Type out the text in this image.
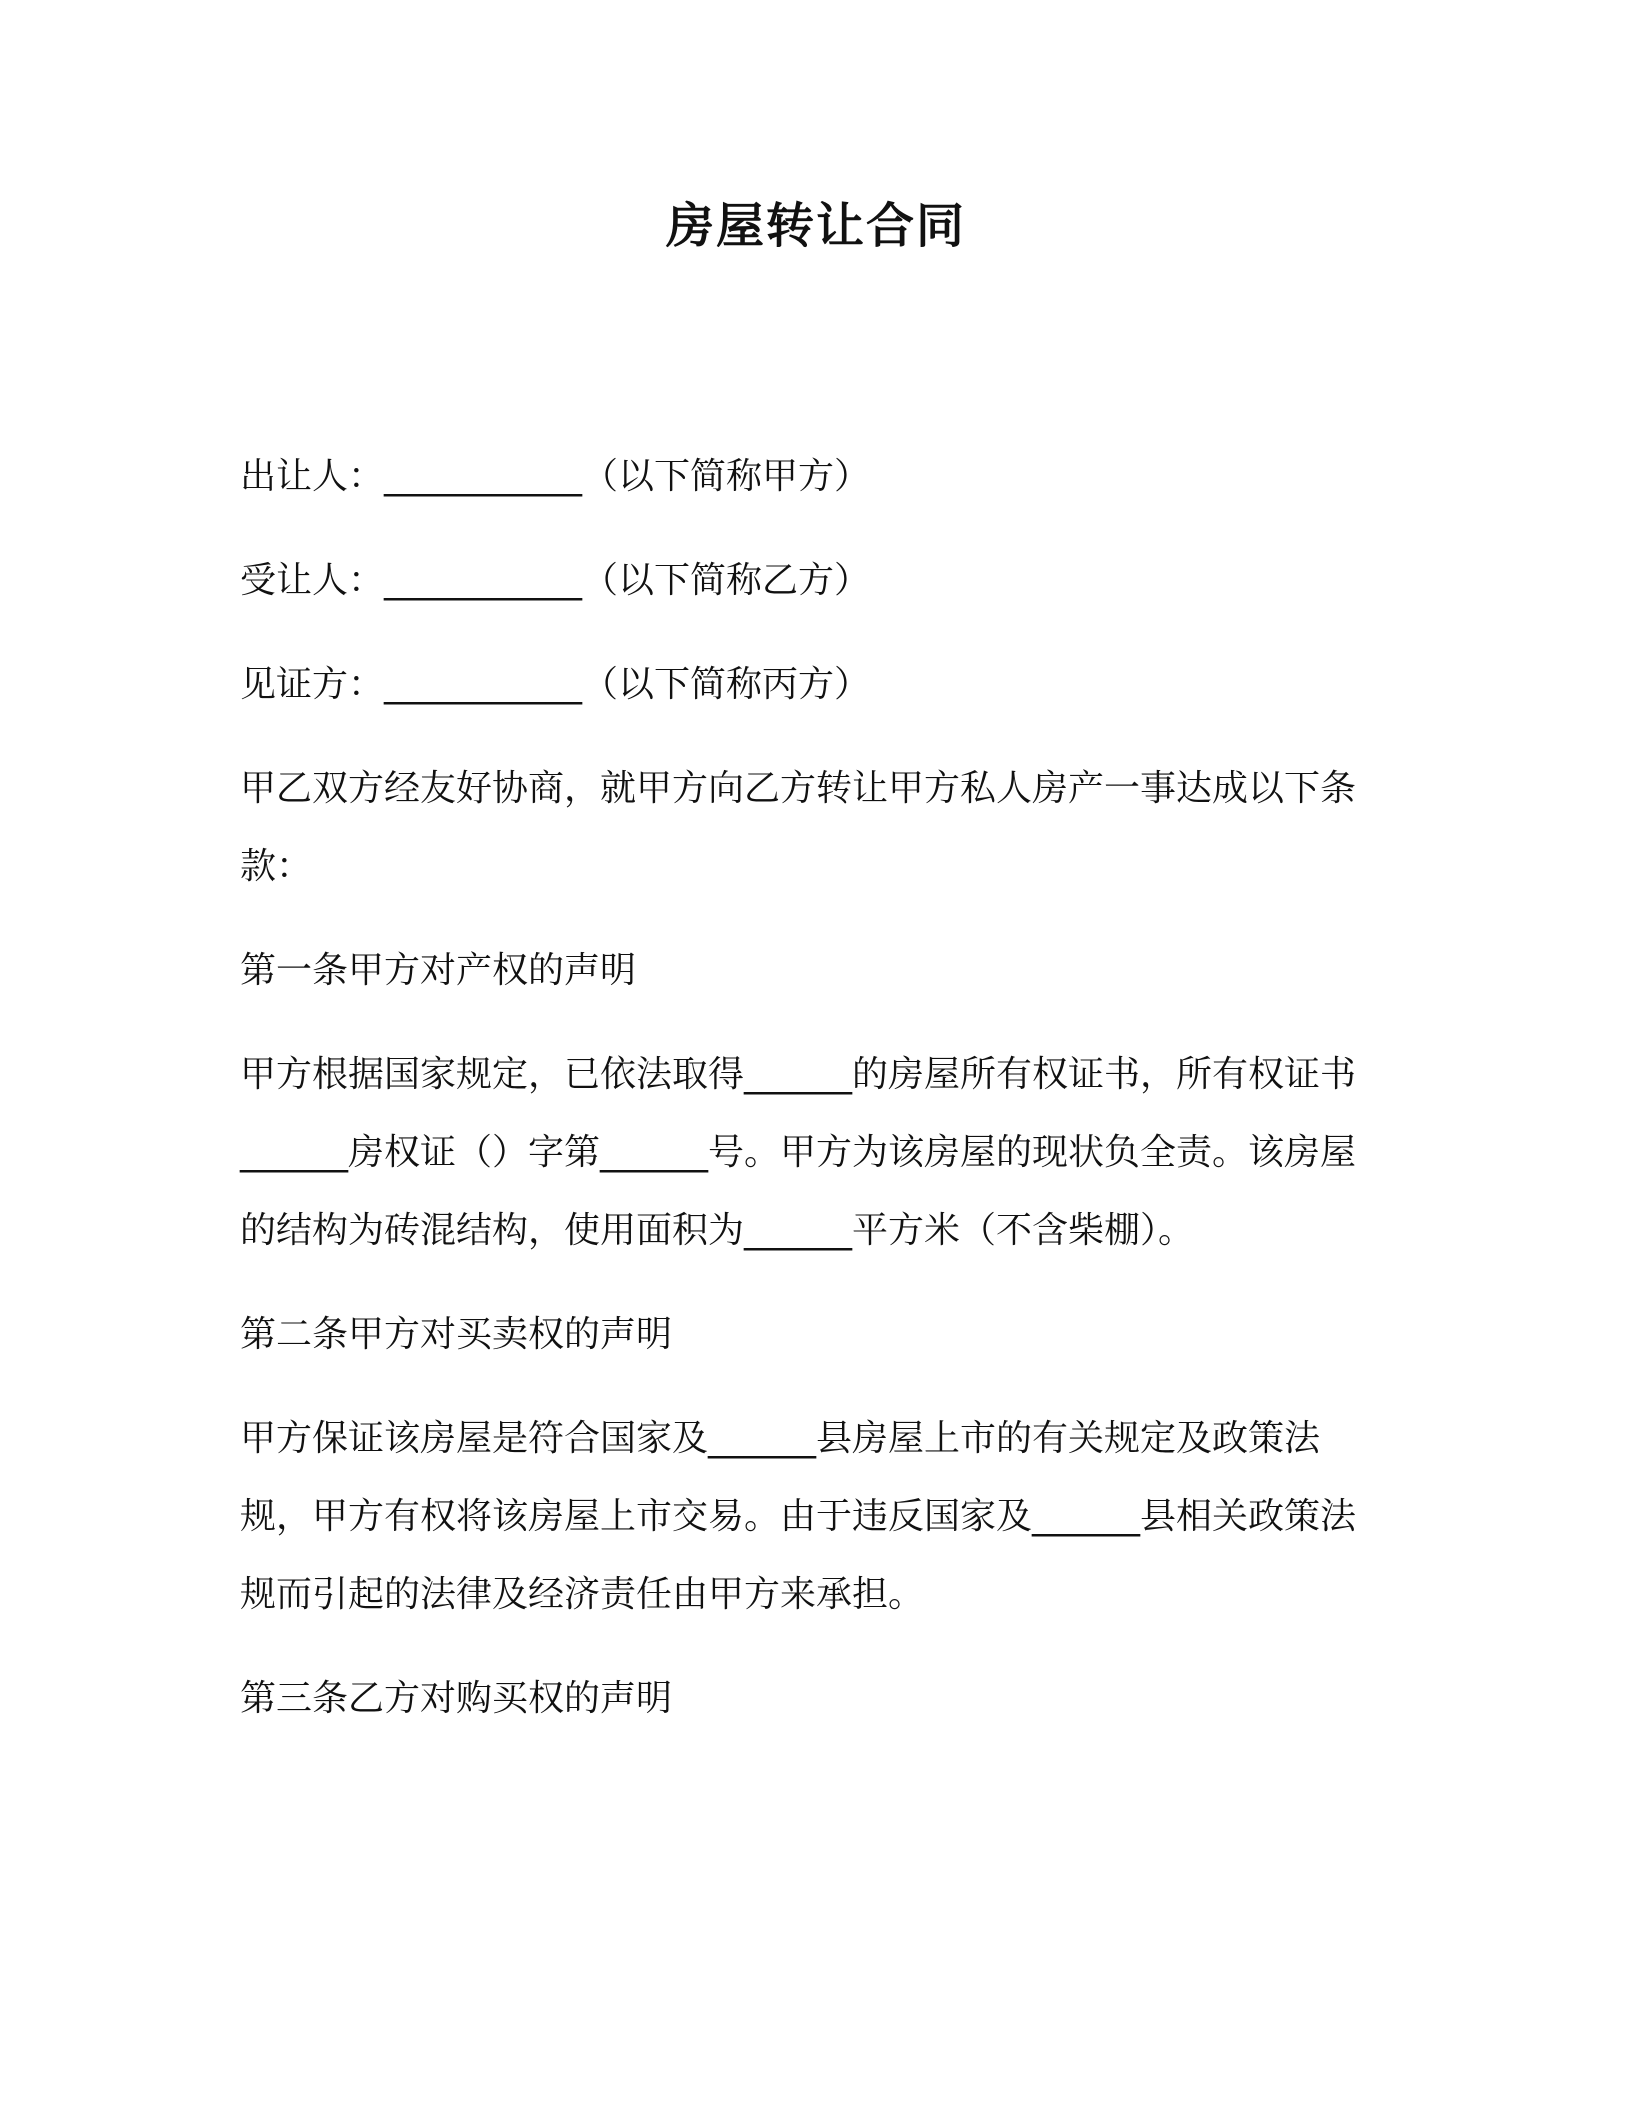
房屋转让合同
出让人：___________（以下简称甲方）
受让人：___________（以下简称乙方）
见证方：___________（以下简称丙方）
甲乙双方经友好协商，就甲方向乙方转让甲方私人房产一事达成以下条款：
第一条甲方对产权的声明
甲方根据国家规定，已依法取得______的房屋所有权证书，所有权证书______房权证（）字第______号。甲方为该房屋的现状负全责。该房屋的结构为砖混结构，使用面积为______平方米（不含柴棚）。
第二条甲方对买卖权的声明
甲方保证该房屋是符合国家及______县房屋上市的有关规定及政策法规，甲方有权将该房屋上市交易。由于违反国家及______县相关政策法规而引起的法律及经济责任由甲方来承担。
第三条乙方对购买权的声明
